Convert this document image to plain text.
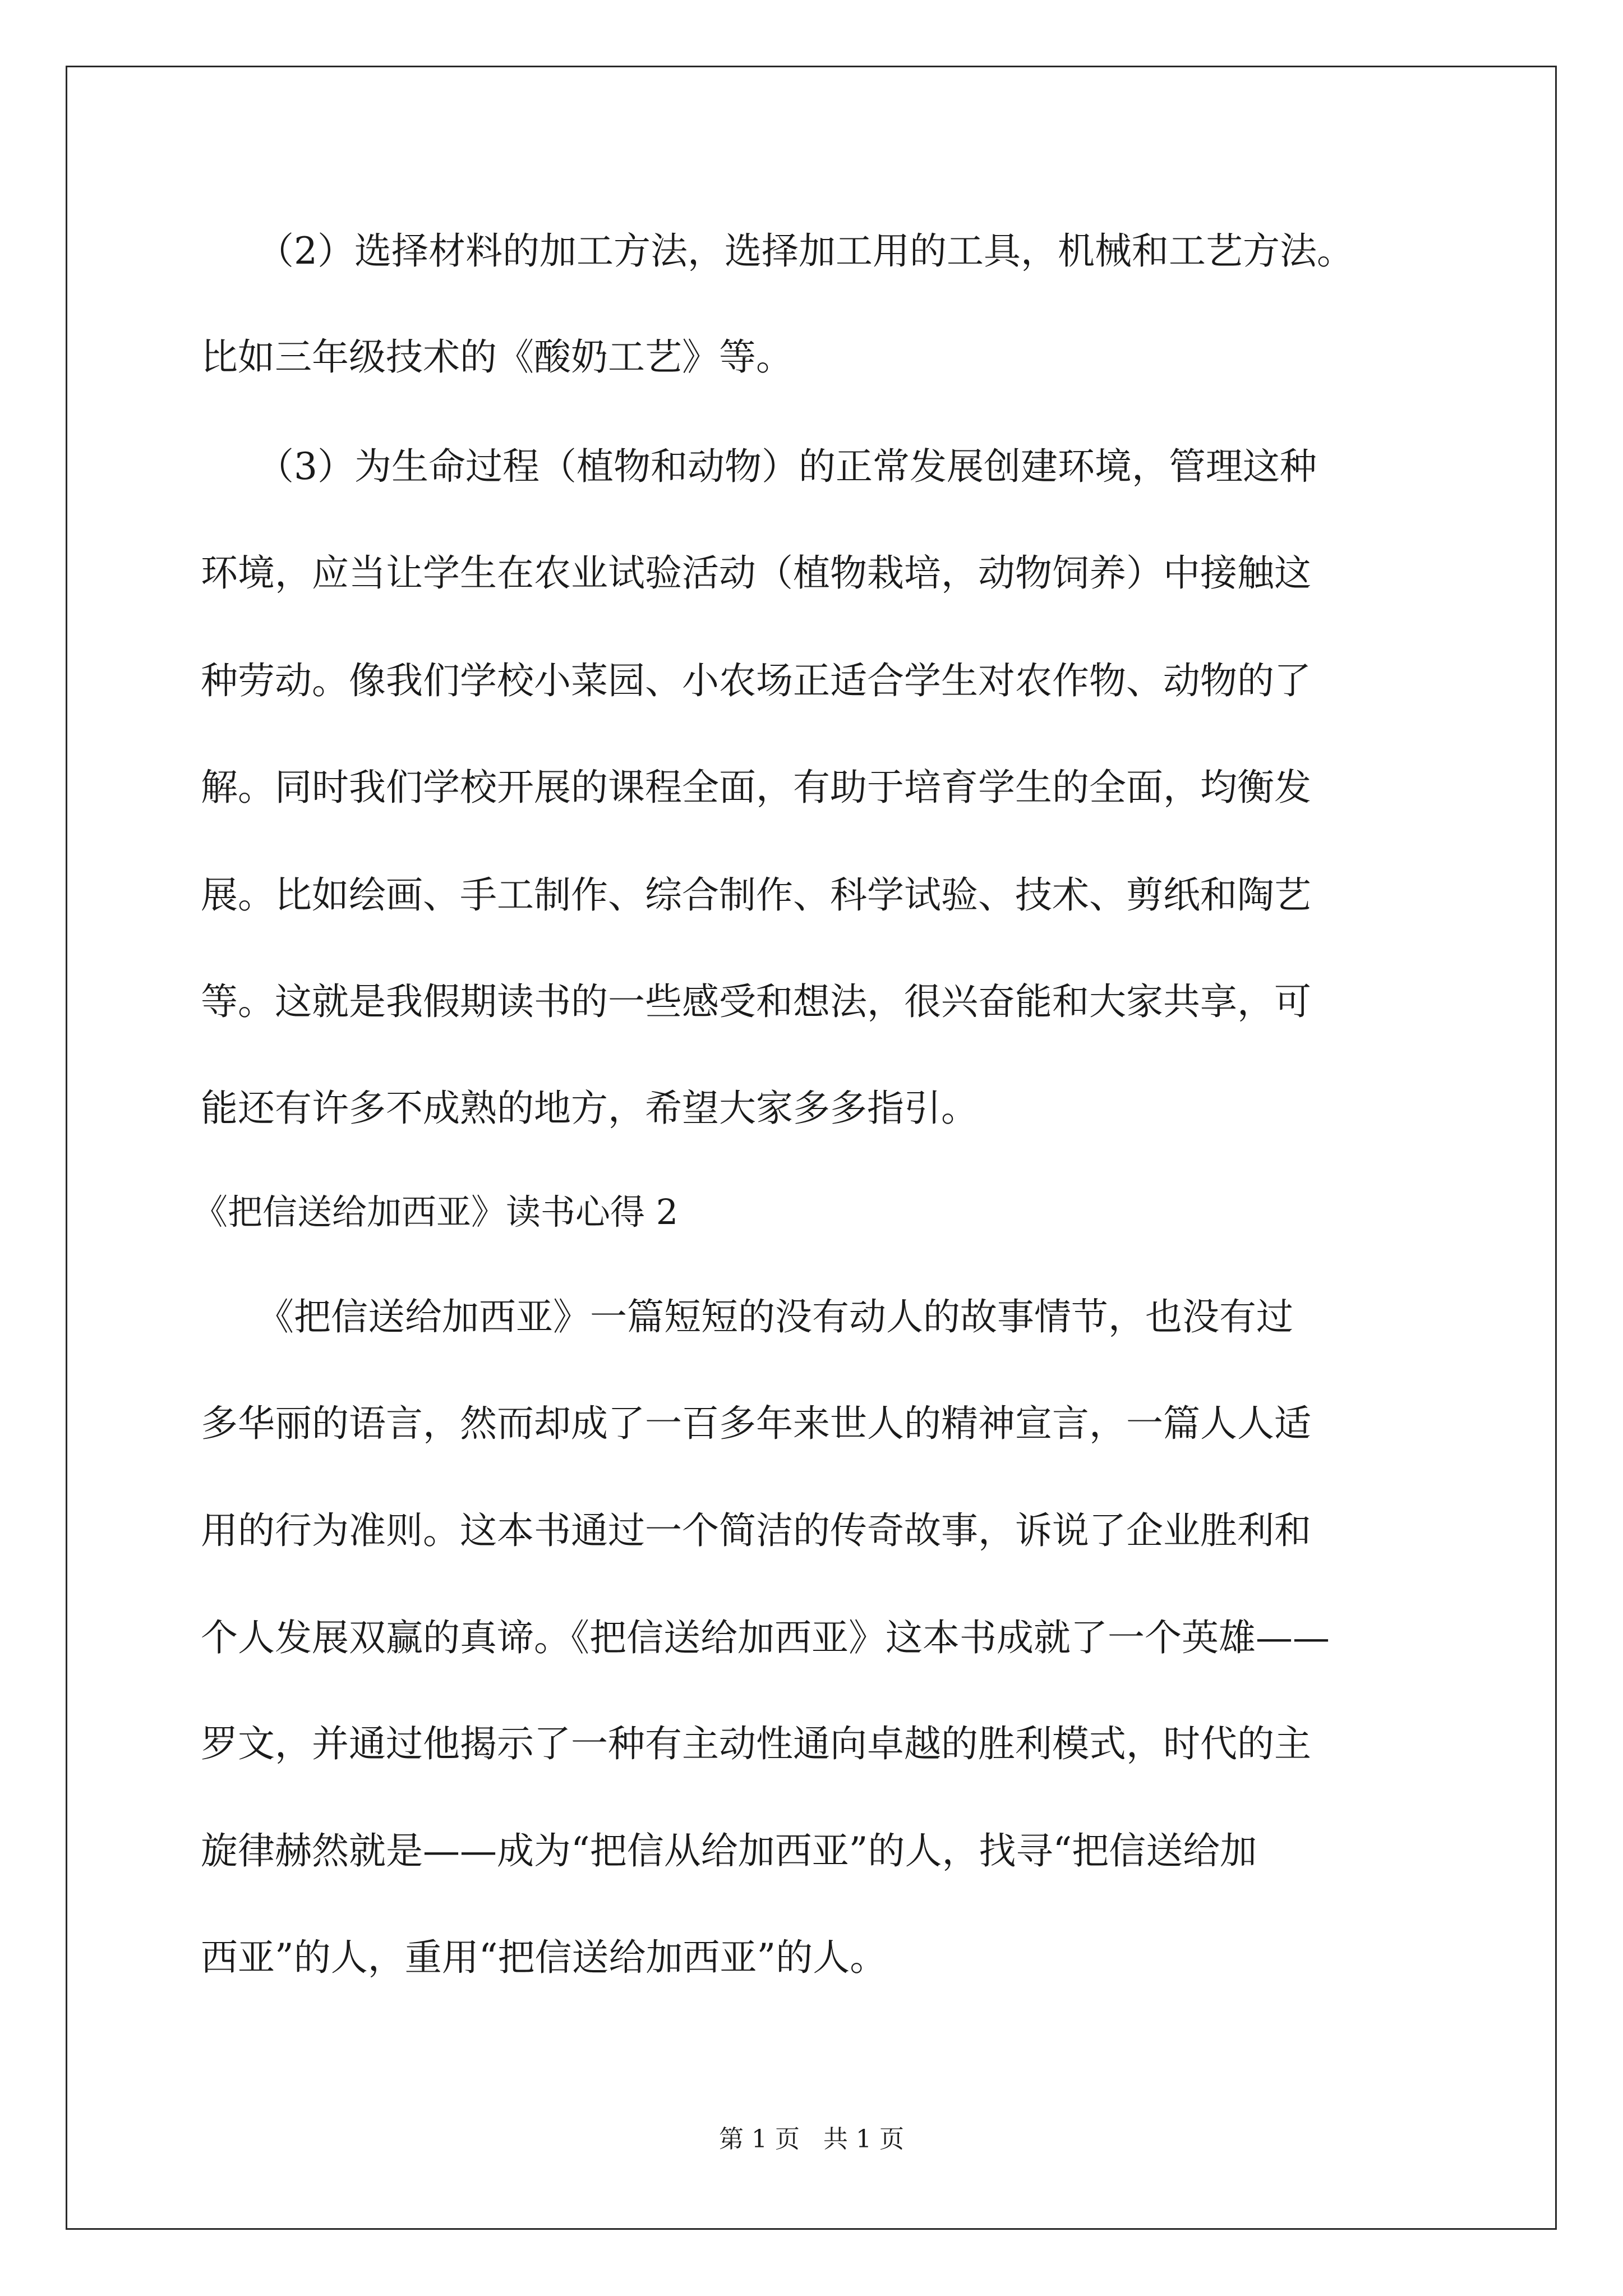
（2）选择材料的加工方法，选择加工用的工具，机械和工艺方法。
比如三年级技术的《酸奶工艺》等。
（3）为生命过程（植物和动物）的正常发展创建环境，管理这种
环境，应当让学生在农业试验活动（植物栽培，动物饲养）中接触这
种劳动。像我们学校小菜园、小农场正适合学生对农作物、动物的了
解。同时我们学校开展的课程全面，有助于培育学生的全面，均衡发
展。比如绘画、手工制作、综合制作、科学试验、技术、剪纸和陶艺
等。这就是我假期读书的一些感受和想法，很兴奋能和大家共享，可
能还有许多不成熟的地方，希望大家多多指引。
《把信送给加西亚》读书心得 2
《把信送给加西亚》一篇短短的没有动人的故事情节，也没有过
多华丽的语言，然而却成了一百多年来世人的精神宣言，一篇人人适
用的行为准则。这本书通过一个简洁的传奇故事，诉说了企业胜利和
个人发展双赢的真谛。《把信送给加西亚》这本书成就了一个英雄——
罗文，并通过他揭示了一种有主动性通向卓越的胜利模式，时代的主
旋律赫然就是——成为“把信从给加西亚”的人，找寻“把信送给加
西亚”的人，重用“把信送给加西亚”的人。
第 1 页   共 1 页
